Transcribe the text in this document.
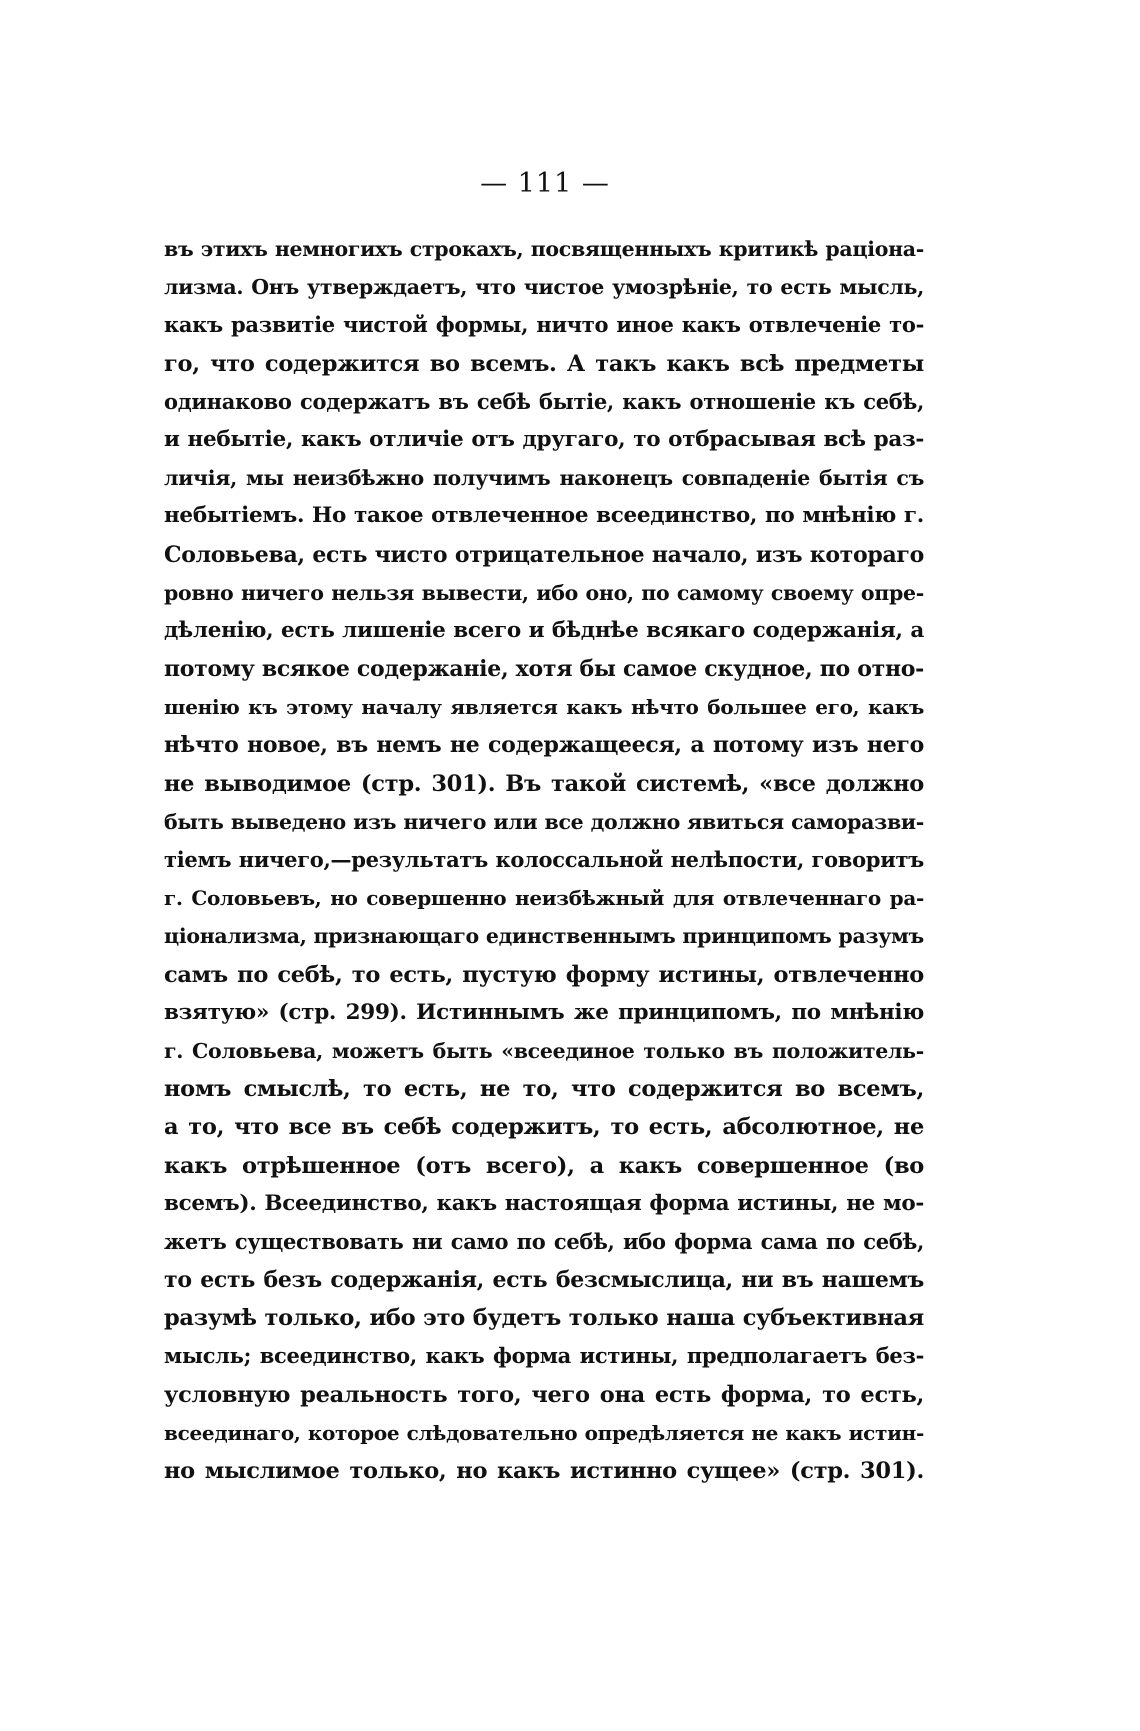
— 111 —
въ этихъ немногихъ строкахъ, посвященныхъ критикѣ раціона-
лизма. Онъ утверждаетъ, что чистое умозрѣніе, то есть мысль,
какъ развитіе чистой формы, ничто иное какъ отвлеченіе то-
го, что содержится во всемъ. А такъ какъ всѣ предметы
одинаково содержатъ въ себѣ бытіе, какъ отношеніе къ себѣ,
и небытіе, какъ отличіе отъ другаго, то отбрасывая всѣ раз-
личія, мы неизбѣжно получимъ наконецъ совпаденіе бытія съ
небытіемъ. Но такое отвлеченное всеединство, по мнѣнію г.
Соловьева, есть чисто отрицательное начало, изъ котораго
ровно ничего нельзя вывести, ибо оно, по самому своему опре-
дѣленію, есть лишеніе всего и бѣднѣе всякаго содержанія, а
потому всякое содержаніе, хотя бы самое скудное, по отно-
шенію къ этому началу является какъ нѣчто большее его, какъ
нѣчто новое, въ немъ не содержащееся, а потому изъ него
не выводимое (стр. 301). Въ такой системѣ, «все должно
быть выведено изъ ничего или все должно явиться саморазви-
тіемъ ничего,—результатъ колоссальной нелѣпости, говоритъ
г. Соловьевъ, но совершенно неизбѣжный для отвлеченнаго ра-
ціонализма, признающаго единственнымъ принципомъ разумъ
самъ по себѣ, то есть, пустую форму истины, отвлеченно
взятую» (стр. 299). Истиннымъ же принципомъ, по мнѣнію
г. Соловьева, можетъ быть «всеединое только въ положитель-
номъ смыслѣ, то есть, не то, что содержится во всемъ,
а то, что все въ себѣ содержитъ, то есть, абсолютное, не
какъ отрѣшенное (отъ всего), а какъ совершенное (во
всемъ). Всеединство, какъ настоящая форма истины, не мо-
жетъ существовать ни само по себѣ, ибо форма сама по себѣ,
то есть безъ содержанія, есть безсмыслица, ни въ нашемъ
разумѣ только, ибо это будетъ только наша субъективная
мысль; всеединство, какъ форма истины, предполагаетъ без-
условную реальность того, чего она есть форма, то есть,
всеединаго, которое слѣдовательно опредѣляется не какъ истин-
но мыслимое только, но какъ истинно сущее» (стр. 301).
